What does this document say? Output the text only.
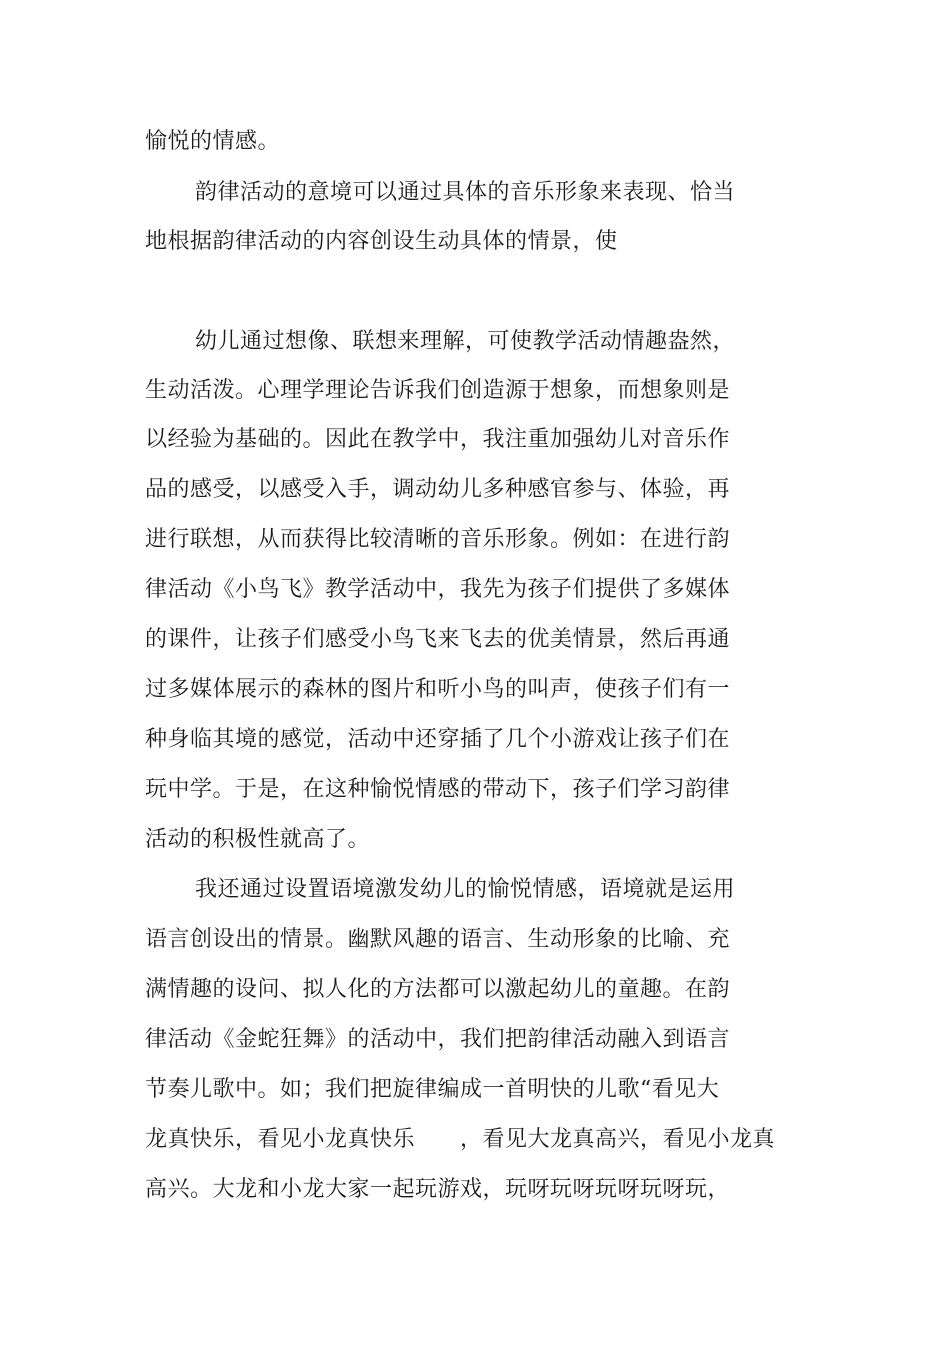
愉悦的情感。
韵律活动的意境可以通过具体的音乐形象来表现、恰当
地根据韵律活动的内容创设生动具体的情景，使
幼儿通过想像、联想来理解，可使教学活动情趣盎然，
生动活泼。心理学理论告诉我们创造源于想象，而想象则是
以经验为基础的。因此在教学中，我注重加强幼儿对音乐作
品的感受，以感受入手，调动幼儿多种感官参与、体验，再
进行联想，从而获得比较清晰的音乐形象。例如：在进行韵
律活动《小鸟飞》教学活动中，我先为孩子们提供了多媒体
的课件，让孩子们感受小鸟飞来飞去的优美情景，然后再通
过多媒体展示的森林的图片和听小鸟的叫声，使孩子们有一
种身临其境的感觉，活动中还穿插了几个小游戏让孩子们在
玩中学。于是，在这种愉悦情感的带动下，孩子们学习韵律
活动的积极性就高了。
我还通过设置语境激发幼儿的愉悦情感，语境就是运用
语言创设出的情景。幽默风趣的语言、生动形象的比喻、充
满情趣的设问、拟人化的方法都可以激起幼儿的童趣。在韵
律活动《金蛇狂舞》的活动中，我们把韵律活动融入到语言
节奏儿歌中。如；我们把旋律编成一首明快的儿歌“看见大
龙真快乐，看见小龙真快乐　　，看见大龙真高兴，看见小龙真
高兴。大龙和小龙大家一起玩游戏，玩呀玩呀玩呀玩呀玩，
